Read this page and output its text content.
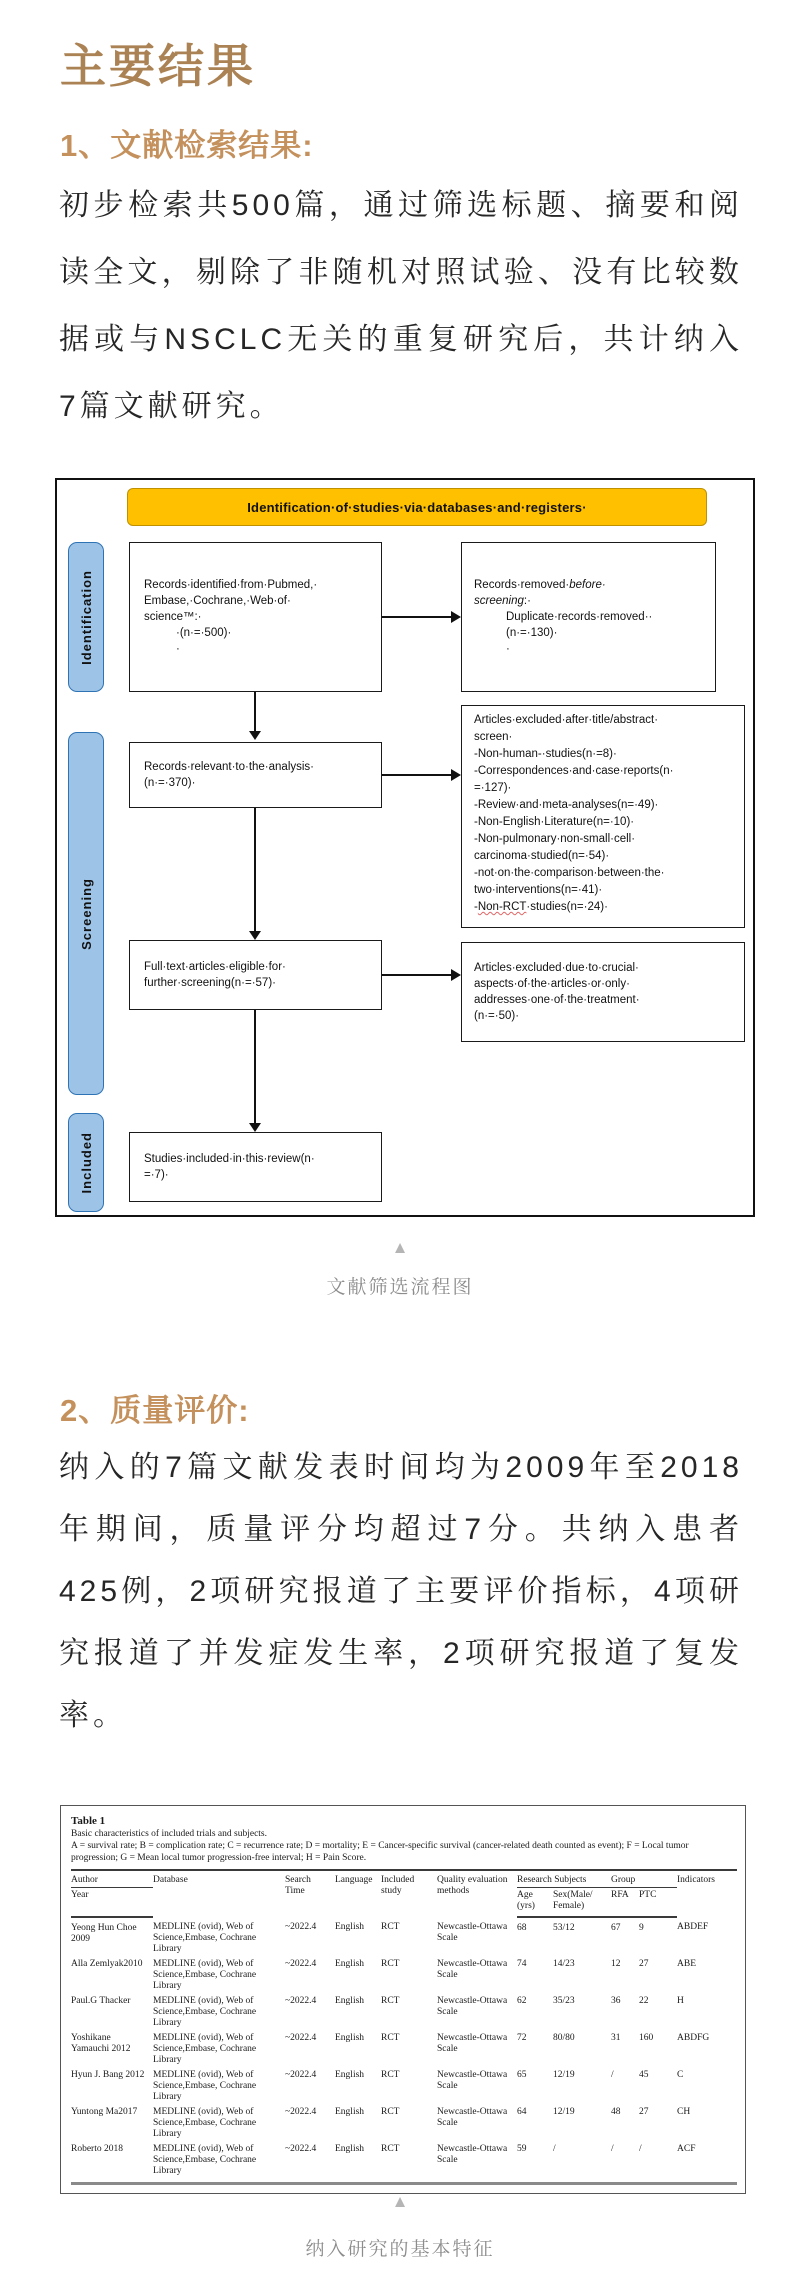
主要结果
1、文献检索结果:

初步检索共500篇，通过筛选标题、摘要和阅读全文，剔除了非随机对照试验、没有比较数据或与NSCLC无关的重复研究后，共计纳入7篇文献研究。

Identification·of·studies·via·databases·and·registers·
Identification
Screening
Included
Records·identified·from·Pubmed,·
Embase,·Cochrane,·Web·of·
science™:·
·(n·=·500)·
·
Records·removed·before·
screening:·
Duplicate·records·removed··
(n·=·130)·
·
Records·relevant·to·the·analysis·
(n·=·370)·
Articles·excluded·after·title/abstract·
screen·
-Non-human-·studies(n·=8)·
-Correspondences·and·case·reports(n·
=·127)·
-Review·and·meta-analyses(n=·49)·
-Non-English·Literature(n=·10)·
-Non-pulmonary·non-small·cell·
carcinoma·studied(n=·54)·
-not·on·the·comparison·between·the·
two·interventions(n=·41)·
-Non-RCT·studies(n=·24)·
Full·text·articles·eligible·for·
further·screening(n·=·57)·
Articles·excluded·due·to·crucial·
aspects·of·the·articles·or·only·
addresses·one·of·the·treatment·
(n·=·50)·
Studies·included·in·this·review(n·
=·7)·
▲
文献筛选流程图
2、质量评价:

纳入的7篇文献发表时间均为2009年至2018年期间，质量评分均超过7分。共纳入患者425例，2项研究报道了主要评价指标，4项研究报道了并发症发生率，2项研究报道了复发率。

Table 1
Basic characteristics of included trials and subjects.
A = survival rate; B = complication rate; C = recurrence rate; D = mortality; E = Cancer-specific survival (cancer-related death counted as event); F = Local tumor progression; G = Mean local tumor progression-free interval; H = Pain Score.
Author	Database	Search Time	Language	Included study	Quality evaluation methods	Research Subjects		Group		Indicators
Year						Age (yrs)	Sex(Male/ Female)	RFA	PTC	
Yeong Hun Choe 2009	MEDLINE (ovid), Web of Science,Embase, Cochrane Library	~2022.4	English	RCT	Newcastle-Ottawa Scale	68	53/12	67	9	ABDEF
Alla Zemlyak2010	MEDLINE (ovid), Web of Science,Embase, Cochrane Library	~2022.4	English	RCT	Newcastle-Ottawa Scale	74	14/23	12	27	ABE
Paul.G Thacker	MEDLINE (ovid), Web of Science,Embase, Cochrane Library	~2022.4	English	RCT	Newcastle-Ottawa Scale	62	35/23	36	22	H
Yoshikane Yamauchi 2012	MEDLINE (ovid), Web of Science,Embase, Cochrane Library	~2022.4	English	RCT	Newcastle-Ottawa Scale	72	80/80	31	160	ABDFG
Hyun J. Bang 2012	MEDLINE (ovid), Web of Science,Embase, Cochrane Library	~2022.4	English	RCT	Newcastle-Ottawa Scale	65	12/19	/	45	C
Yuntong Ma2017	MEDLINE (ovid), Web of Science,Embase, Cochrane Library	~2022.4	English	RCT	Newcastle-Ottawa Scale	64	12/19	48	27	CH
Roberto 2018	MEDLINE (ovid), Web of Science,Embase, Cochrane Library	~2022.4	English	RCT	Newcastle-Ottawa Scale	59	/	/	/	ACF
▲
纳入研究的基本特征
